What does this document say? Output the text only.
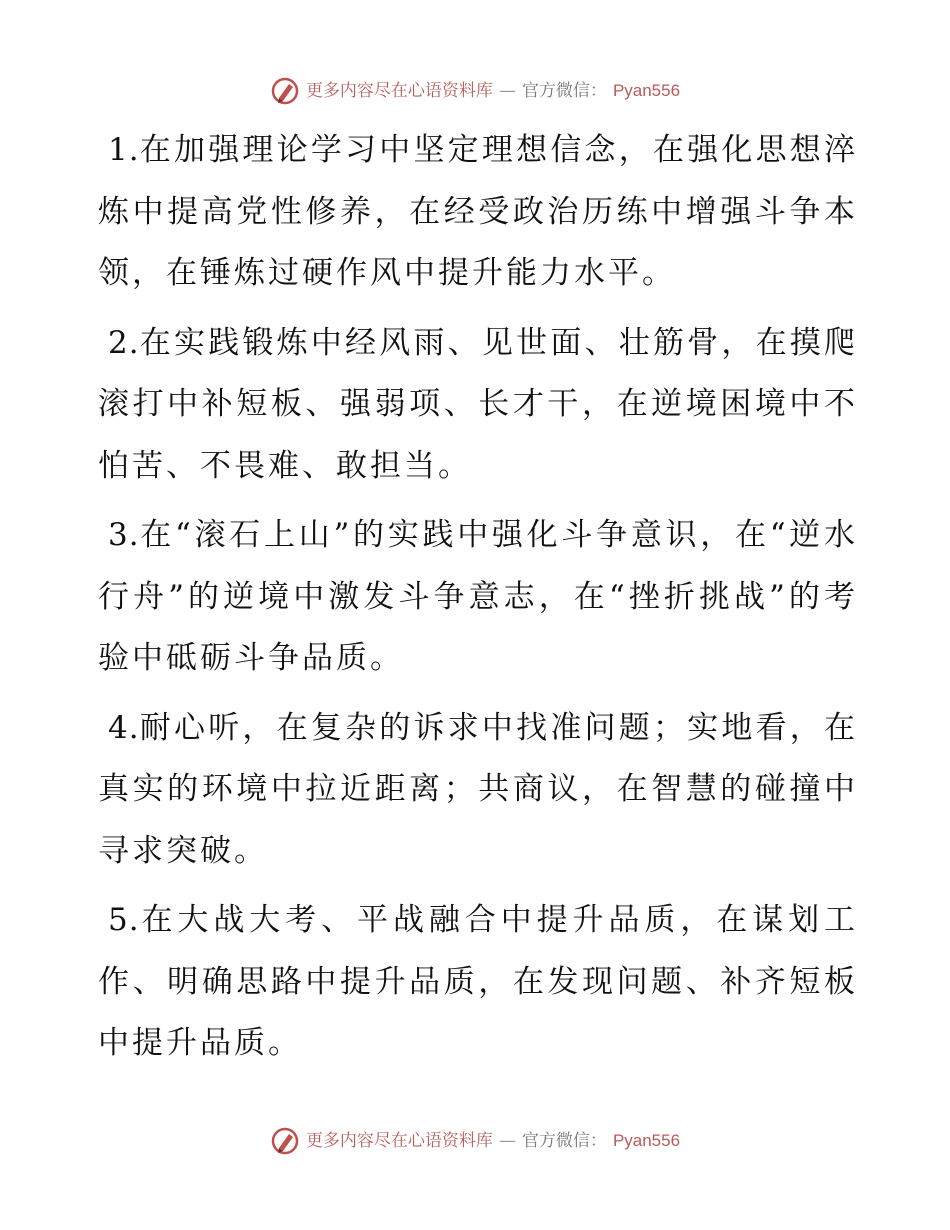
更多内容尽在心语资料库 — 官方微信： Pyan556

1.在加强理论学习中坚定理想信念，在强化思想淬炼中提高党性修养，在经受政治历练中增强斗争本领，在锤炼过硬作风中提升能力水平。

2.在实践锻炼中经风雨、见世面、壮筋骨，在摸爬滚打中补短板、强弱项、长才干，在逆境困境中不怕苦、不畏难、敢担当。

3.在“滚石上山”的实践中强化斗争意识，在“逆水行舟”的逆境中激发斗争意志，在“挫折挑战”的考验中砥砺斗争品质。

4.耐心听，在复杂的诉求中找准问题；实地看，在真实的环境中拉近距离；共商议，在智慧的碰撞中寻求突破。

5.在大战大考、平战融合中提升品质，在谋划工作、明确思路中提升品质，在发现问题、补齐短板中提升品质。

更多内容尽在心语资料库 — 官方微信： Pyan556
